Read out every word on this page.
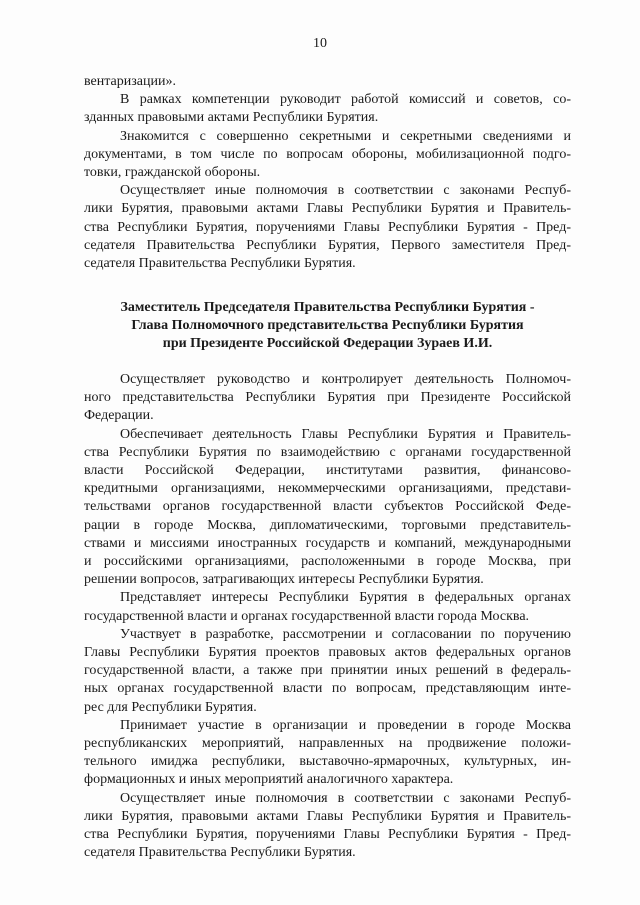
10

вентаризации».

В рамках компетенции руководит работой комиссий и советов, со-
зданных правовыми актами Республики Бурятия.

Знакомится с совершенно секретными и секретными сведениями и
документами, в том числе по вопросам обороны, мобилизационной подго-
товки, гражданской обороны.

Осуществляет иные полномочия в соответствии с законами Респуб-
лики Бурятия, правовыми актами Главы Республики Бурятия и Правитель-
ства Республики Бурятия, поручениями Главы Республики Бурятия - Пред-
седателя Правительства Республики Бурятия, Первого заместителя Пред-
седателя Правительства Республики Бурятия.

Заместитель Председателя Правительства Республики Бурятия -
Глава Полномочного представительства Республики Бурятия
при Президенте Российской Федерации Зураев И.И.

Осуществляет руководство и контролирует деятельность Полномоч-
ного представительства Республики Бурятия при Президенте Российской
Федерации.

Обеспечивает деятельность Главы Республики Бурятия и Правитель-
ства Республики Бурятия по взаимодействию с органами государственной
власти Российской Федерации, институтами развития, финансово-
кредитными организациями, некоммерческими организациями, представи-
тельствами органов государственной власти субъектов Российской Феде-
рации в городе Москва, дипломатическими, торговыми представитель-
ствами и миссиями иностранных государств и компаний, международными
и российскими организациями, расположенными в городе Москва, при
решении вопросов, затрагивающих интересы Республики Бурятия.

Представляет интересы Республики Бурятия в федеральных органах
государственной власти и органах государственной власти города Москва.

Участвует в разработке, рассмотрении и согласовании по поручению
Главы Республики Бурятия проектов правовых актов федеральных органов
государственной власти, а также при принятии иных решений в федераль-
ных органах государственной власти по вопросам, представляющим инте-
рес для Республики Бурятия.

Принимает участие в организации и проведении в городе Москва
республиканских мероприятий, направленных на продвижение положи-
тельного имиджа республики, выставочно-ярмарочных, культурных, ин-
формационных и иных мероприятий аналогичного характера.

Осуществляет иные полномочия в соответствии с законами Респуб-
лики Бурятия, правовыми актами Главы Республики Бурятия и Правитель-
ства Республики Бурятия, поручениями Главы Республики Бурятия - Пред-
седателя Правительства Республики Бурятия.
